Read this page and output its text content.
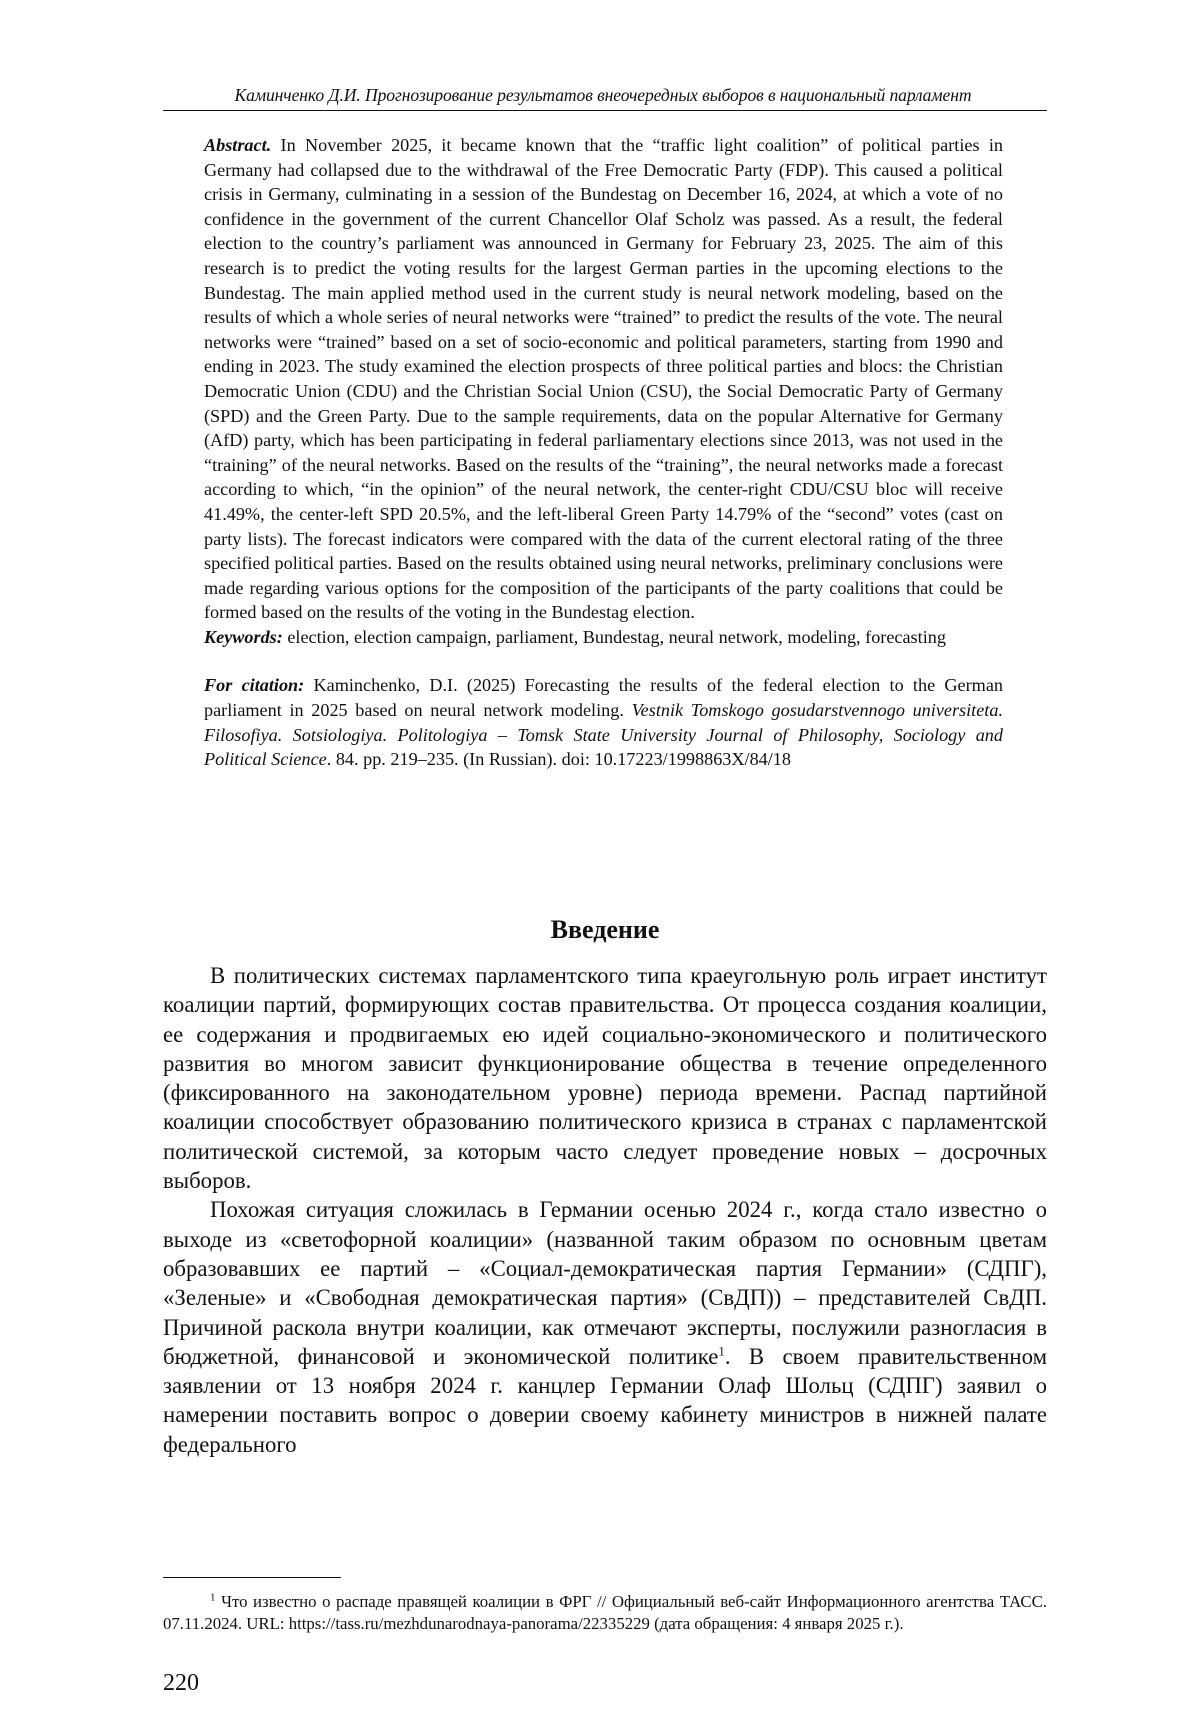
Каминченко Д.И. Прогнозирование результатов внеочередных выборов в национальный парламент

Abstract. In November 2025, it became known that the “traffic light coalition” of political parties in Germany had collapsed due to the withdrawal of the Free Democratic Party (FDP). This caused a political crisis in Germany, culminating in a session of the Bundestag on December 16, 2024, at which a vote of no confidence in the government of the current Chancellor Olaf Scholz was passed. As a result, the federal election to the country’s parliament was announced in Germany for February 23, 2025. The aim of this research is to predict the voting results for the largest German parties in the upcoming elections to the Bundestag. The main applied method used in the current study is neural network modeling, based on the results of which a whole series of neural networks were “trained” to predict the results of the vote. The neural networks were “trained” based on a set of socio-economic and political parameters, starting from 1990 and ending in 2023. The study examined the election prospects of three political parties and blocs: the Christian Democratic Union (CDU) and the Christian Social Union (CSU), the Social Democratic Party of Germany (SPD) and the Green Party. Due to the sample requirements, data on the popular Alternative for Germany (AfD) party, which has been participating in federal parliamentary elections since 2013, was not used in the “training” of the neural networks. Based on the results of the “training”, the neural networks made a forecast according to which, “in the opinion” of the neural network, the center-right CDU/CSU bloc will receive 41.49%, the center-left SPD 20.5%, and the left-liberal Green Party 14.79% of the “second” votes (cast on party lists). The forecast indicators were compared with the data of the current electoral rating of the three specified political parties. Based on the results obtained using neural networks, preliminary conclusions were made regarding various options for the composition of the participants of the party coalitions that could be formed based on the results of the voting in the Bundestag election.

Keywords: election, election campaign, parliament, Bundestag, neural network, modeling, forecasting

For citation: Kaminchenko, D.I. (2025) Forecasting the results of the federal election to the German parliament in 2025 based on neural network modeling. Vestnik Tomskogo gosudarstvennogo universiteta. Filosofiya. Sotsiologiya. Politologiya – Tomsk State University Journal of Philosophy, Sociology and Political Science. 84. pp. 219–235. (In Russian). doi: 10.17223/1998863X/84/18

Введение

В политических системах парламентского типа краеугольную роль играет институт коалиции партий, формирующих состав правительства. От процесса создания коалиции, ее содержания и продвигаемых ею идей социально-экономического и политического развития во многом зависит функционирование общества в течение определенного (фиксированного на законодательном уровне) периода времени. Распад партийной коалиции способствует образованию политического кризиса в странах с парламентской политической системой, за которым часто следует проведение новых – досрочных выборов.

Похожая ситуация сложилась в Германии осенью 2024 г., когда стало известно о выходе из «светофорной коалиции» (названной таким образом по основным цветам образовавших ее партий – «Социал-демократическая партия Германии» (СДПГ), «Зеленые» и «Свободная демократическая партия» (СвДП)) – представителей СвДП. Причиной раскола внутри коалиции, как отмечают эксперты, послужили разногласия в бюджетной, финансовой и экономической политике$^1$. В своем правительственном заявлении от 13 ноября 2024 г. канцлер Германии Олаф Шольц (СДПГ) заявил о намерении поставить вопрос о доверии своему кабинету министров в нижней палате федерального

$^1$ Что известно о распаде правящей коалиции в ФРГ // Официальный веб-сайт Информационного агентства ТАСС. 07.11.2024. URL: https://tass.ru/mezhdunarodnaya-panorama/22335229 (дата обращения: 4 января 2025 г.).

220
